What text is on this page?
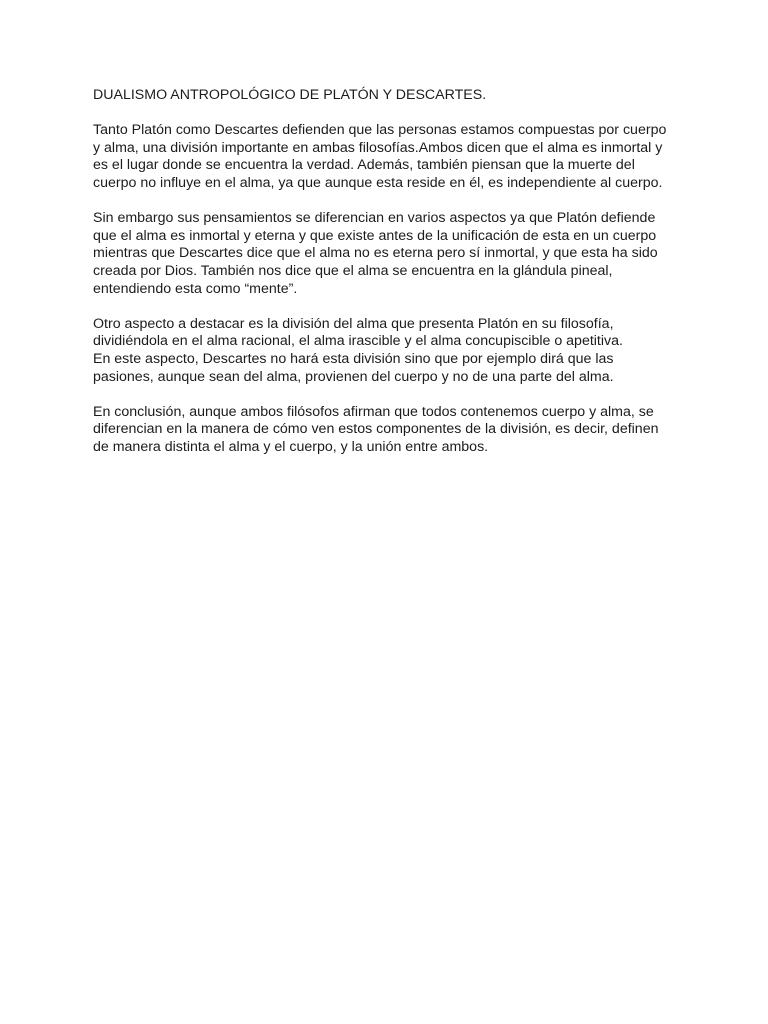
DUALISMO ANTROPOLÓGICO DE PLATÓN Y DESCARTES.
Tanto Platón como Descartes defienden que las personas estamos compuestas por cuerpo
y alma, una división importante en ambas filosofías.Ambos dicen que el alma es inmortal y
es el lugar donde se encuentra la verdad. Además, también piensan que la muerte del
cuerpo no influye en el alma, ya que aunque esta reside en él, es independiente al cuerpo.
Sin embargo sus pensamientos se diferencian en varios aspectos ya que Platón defiende
que el alma es inmortal y eterna y que existe antes de la unificación de esta en un cuerpo
mientras que Descartes dice que el alma no es eterna pero sí inmortal, y que esta ha sido
creada por Dios. También nos dice que el alma se encuentra en la glándula pineal,
entendiendo esta como “mente”.
Otro aspecto a destacar es la división del alma que presenta Platón en su filosofía,
dividiéndola en el alma racional, el alma irascible y el alma concupiscible o apetitiva.
En este aspecto, Descartes no hará esta división sino que por ejemplo dirá que las
pasiones, aunque sean del alma, provienen del cuerpo y no de una parte del alma.
En conclusión, aunque ambos filósofos afirman que todos contenemos cuerpo y alma, se
diferencian en la manera de cómo ven estos componentes de la división, es decir, definen
de manera distinta el alma y el cuerpo, y la unión entre ambos.
